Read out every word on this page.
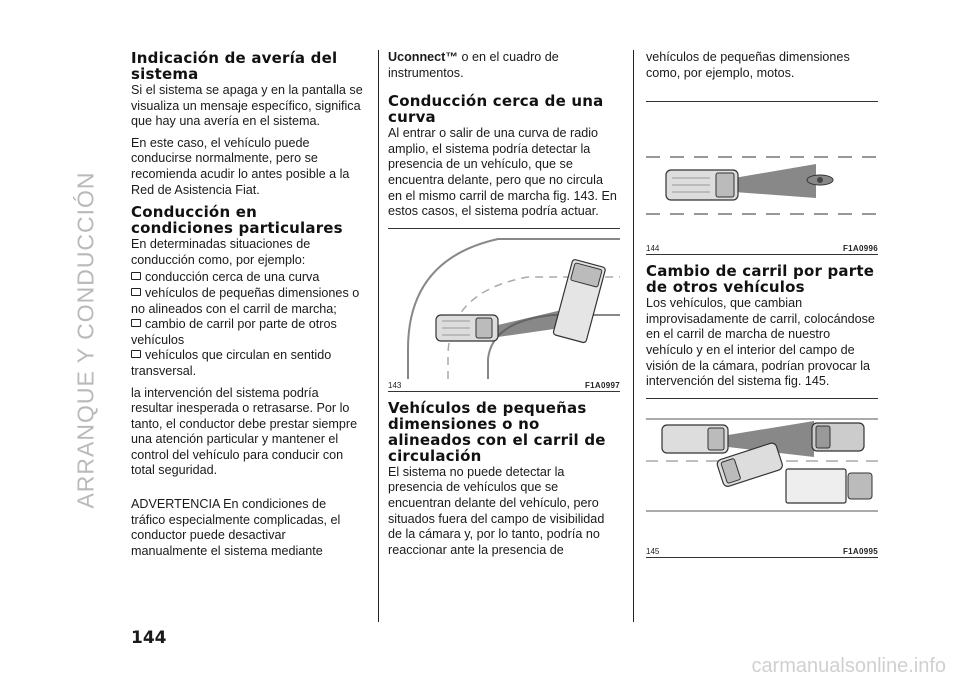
ARRANQUE Y CONDUCCIÓN
Indicación de avería del sistema

Si el sistema se apaga y en la pantalla se visualiza un mensaje específico, significa que hay una avería en el sistema.

En este caso, el vehículo puede conducirse normalmente, pero se recomienda acudir lo antes posible a la Red de Asistencia Fiat.

Conducción en condiciones particulares

En determinadas situaciones de conducción como, por ejemplo:

conducción cerca de una curva
vehículos de pequeñas dimensiones o no alineados con el carril de marcha;
cambio de carril por parte de otros vehículos
vehículos que circulan en sentido transversal.

la intervención del sistema podría resultar inesperada o retrasarse. Por lo tanto, el conductor debe prestar siempre una atención particular y mantener el control del vehículo para conducir con total seguridad.

ADVERTENCIA En condiciones de tráfico especialmente complicadas, el conductor puede desactivar manualmente el sistema mediante

Uconnect™ o en el cuadro de instrumentos.

Conducción cerca de una curva

Al entrar o salir de una curva de radio amplio, el sistema podría detectar la presencia de un vehículo, que se encuentra delante, pero que no circula en el mismo carril de marcha fig. 143. En estos casos, el sistema podría actuar.

143	F1A0997
Vehículos de pequeñas dimensiones o no alineados con el carril de circulación

El sistema no puede detectar la presencia de vehículos que se encuentran delante del vehículo, pero situados fuera del campo de visibilidad de la cámara y, por lo tanto, podría no reaccionar ante la presencia de

vehículos de pequeñas dimensiones como, por ejemplo, motos.

144	F1A0996
Cambio de carril por parte de otros vehículos

Los vehículos, que cambian improvisadamente de carril, colocándose en el carril de marcha de nuestro vehículo y en el interior del campo de visión de la cámara, podrían provocar la intervención del sistema fig. 145.

145	F1A0995
144
carmanualsonline.info
